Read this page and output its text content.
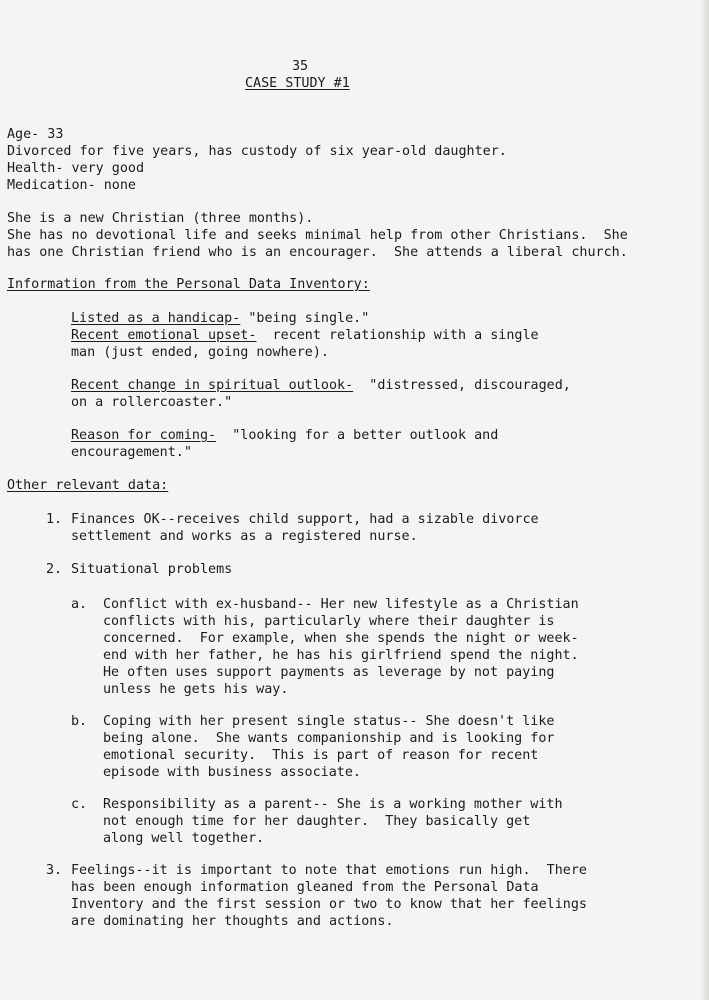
35
CASE STUDY #1
Age- 33
Divorced for five years, has custody of six year-old daughter.
Health- very good
Medication- none
She is a new Christian (three months).
She has no devotional life and seeks minimal help from other Christians.  She
has one Christian friend who is an encourager.  She attends a liberal church.
Information from the Personal Data Inventory:
Listed as a handicap- "being single."
Recent emotional upset-  recent relationship with a single
man (just ended, going nowhere).
Recent change in spiritual outlook-  "distressed, discouraged,
on a rollercoaster."
Reason for coming-  "looking for a better outlook and
encouragement."
Other relevant data:
1. Finances OK--receives child support, had a sizable divorce
settlement and works as a registered nurse.
2. Situational problems
a. Conflict with ex-husband-- Her new lifestyle as a Christian
conflicts with his, particularly where their daughter is
concerned.  For example, when she spends the night or week-
end with her father, he has his girlfriend spend the night.
He often uses support payments as leverage by not paying
unless he gets his way.
b. Coping with her present single status-- She doesn't like
being alone.  She wants companionship and is looking for
emotional security.  This is part of reason for recent
episode with business associate.
c. Responsibility as a parent-- She is a working mother with
not enough time for her daughter.  They basically get
along well together.
3. Feelings--it is important to note that emotions run high.  There
has been enough information gleaned from the Personal Data
Inventory and the first session or two to know that her feelings
are dominating her thoughts and actions.
